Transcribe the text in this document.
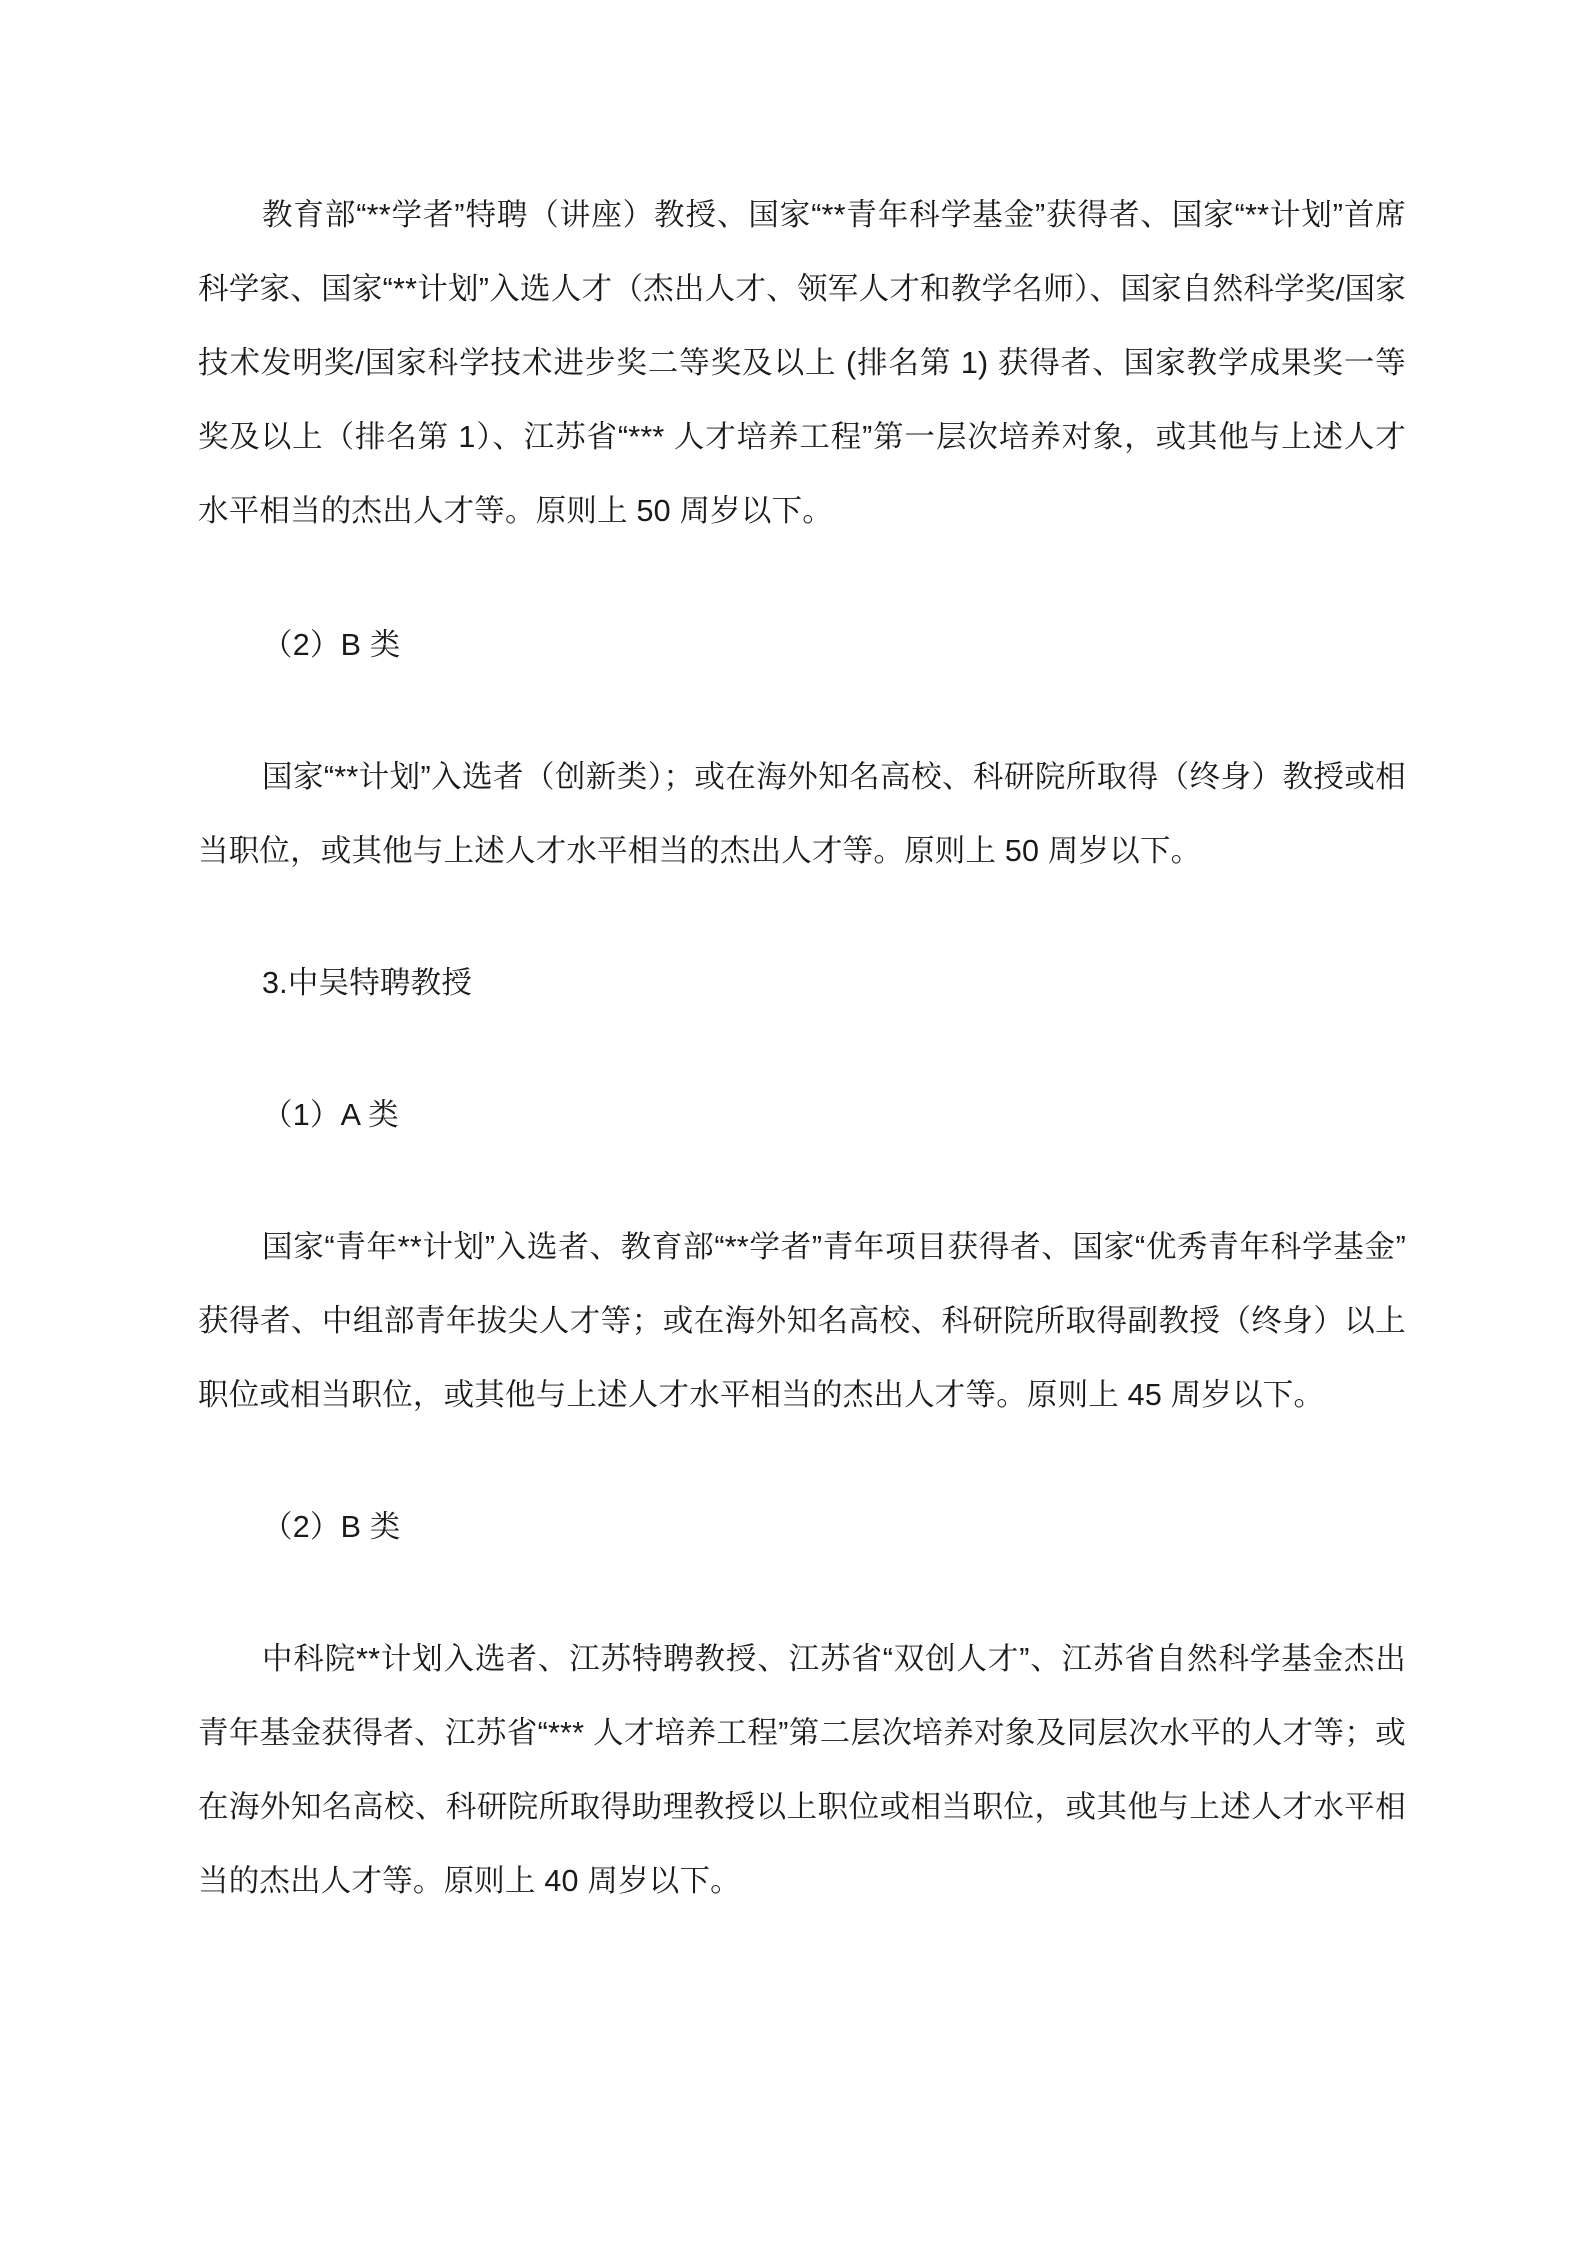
教育部“**学者”特聘（讲座）教授、国家“**青年科学基金”获得者、国家“**计划”首席科学家、国家“**计划”入选人才（杰出人才、领军人才和教学名师）、国家自然科学奖/国家技术发明奖/国家科学技术进步奖二等奖及以上 (排名第 1) 获得者、国家教学成果奖一等奖及以上（排名第 1）、江苏省“*** 人才培养工程”第一层次培养对象，或其他与上述人才水平相当的杰出人才等。原则上 50 周岁以下。

（2）B 类

国家“**计划”入选者（创新类）；或在海外知名高校、科研院所取得（终身）教授或相当职位，或其他与上述人才水平相当的杰出人才等。原则上 50 周岁以下。

3.中吴特聘教授

（1）A 类

国家“青年**计划”入选者、教育部“**学者”青年项目获得者、国家“优秀青年科学基金”获得者、中组部青年拔尖人才等；或在海外知名高校、科研院所取得副教授（终身）以上职位或相当职位，或其他与上述人才水平相当的杰出人才等。原则上 45 周岁以下。

（2）B 类

中科院**计划入选者、江苏特聘教授、江苏省“双创人才”、江苏省自然科学基金杰出青年基金获得者、江苏省“*** 人才培养工程”第二层次培养对象及同层次水平的人才等；或在海外知名高校、科研院所取得助理教授以上职位或相当职位，或其他与上述人才水平相当的杰出人才等。原则上 40 周岁以下。
